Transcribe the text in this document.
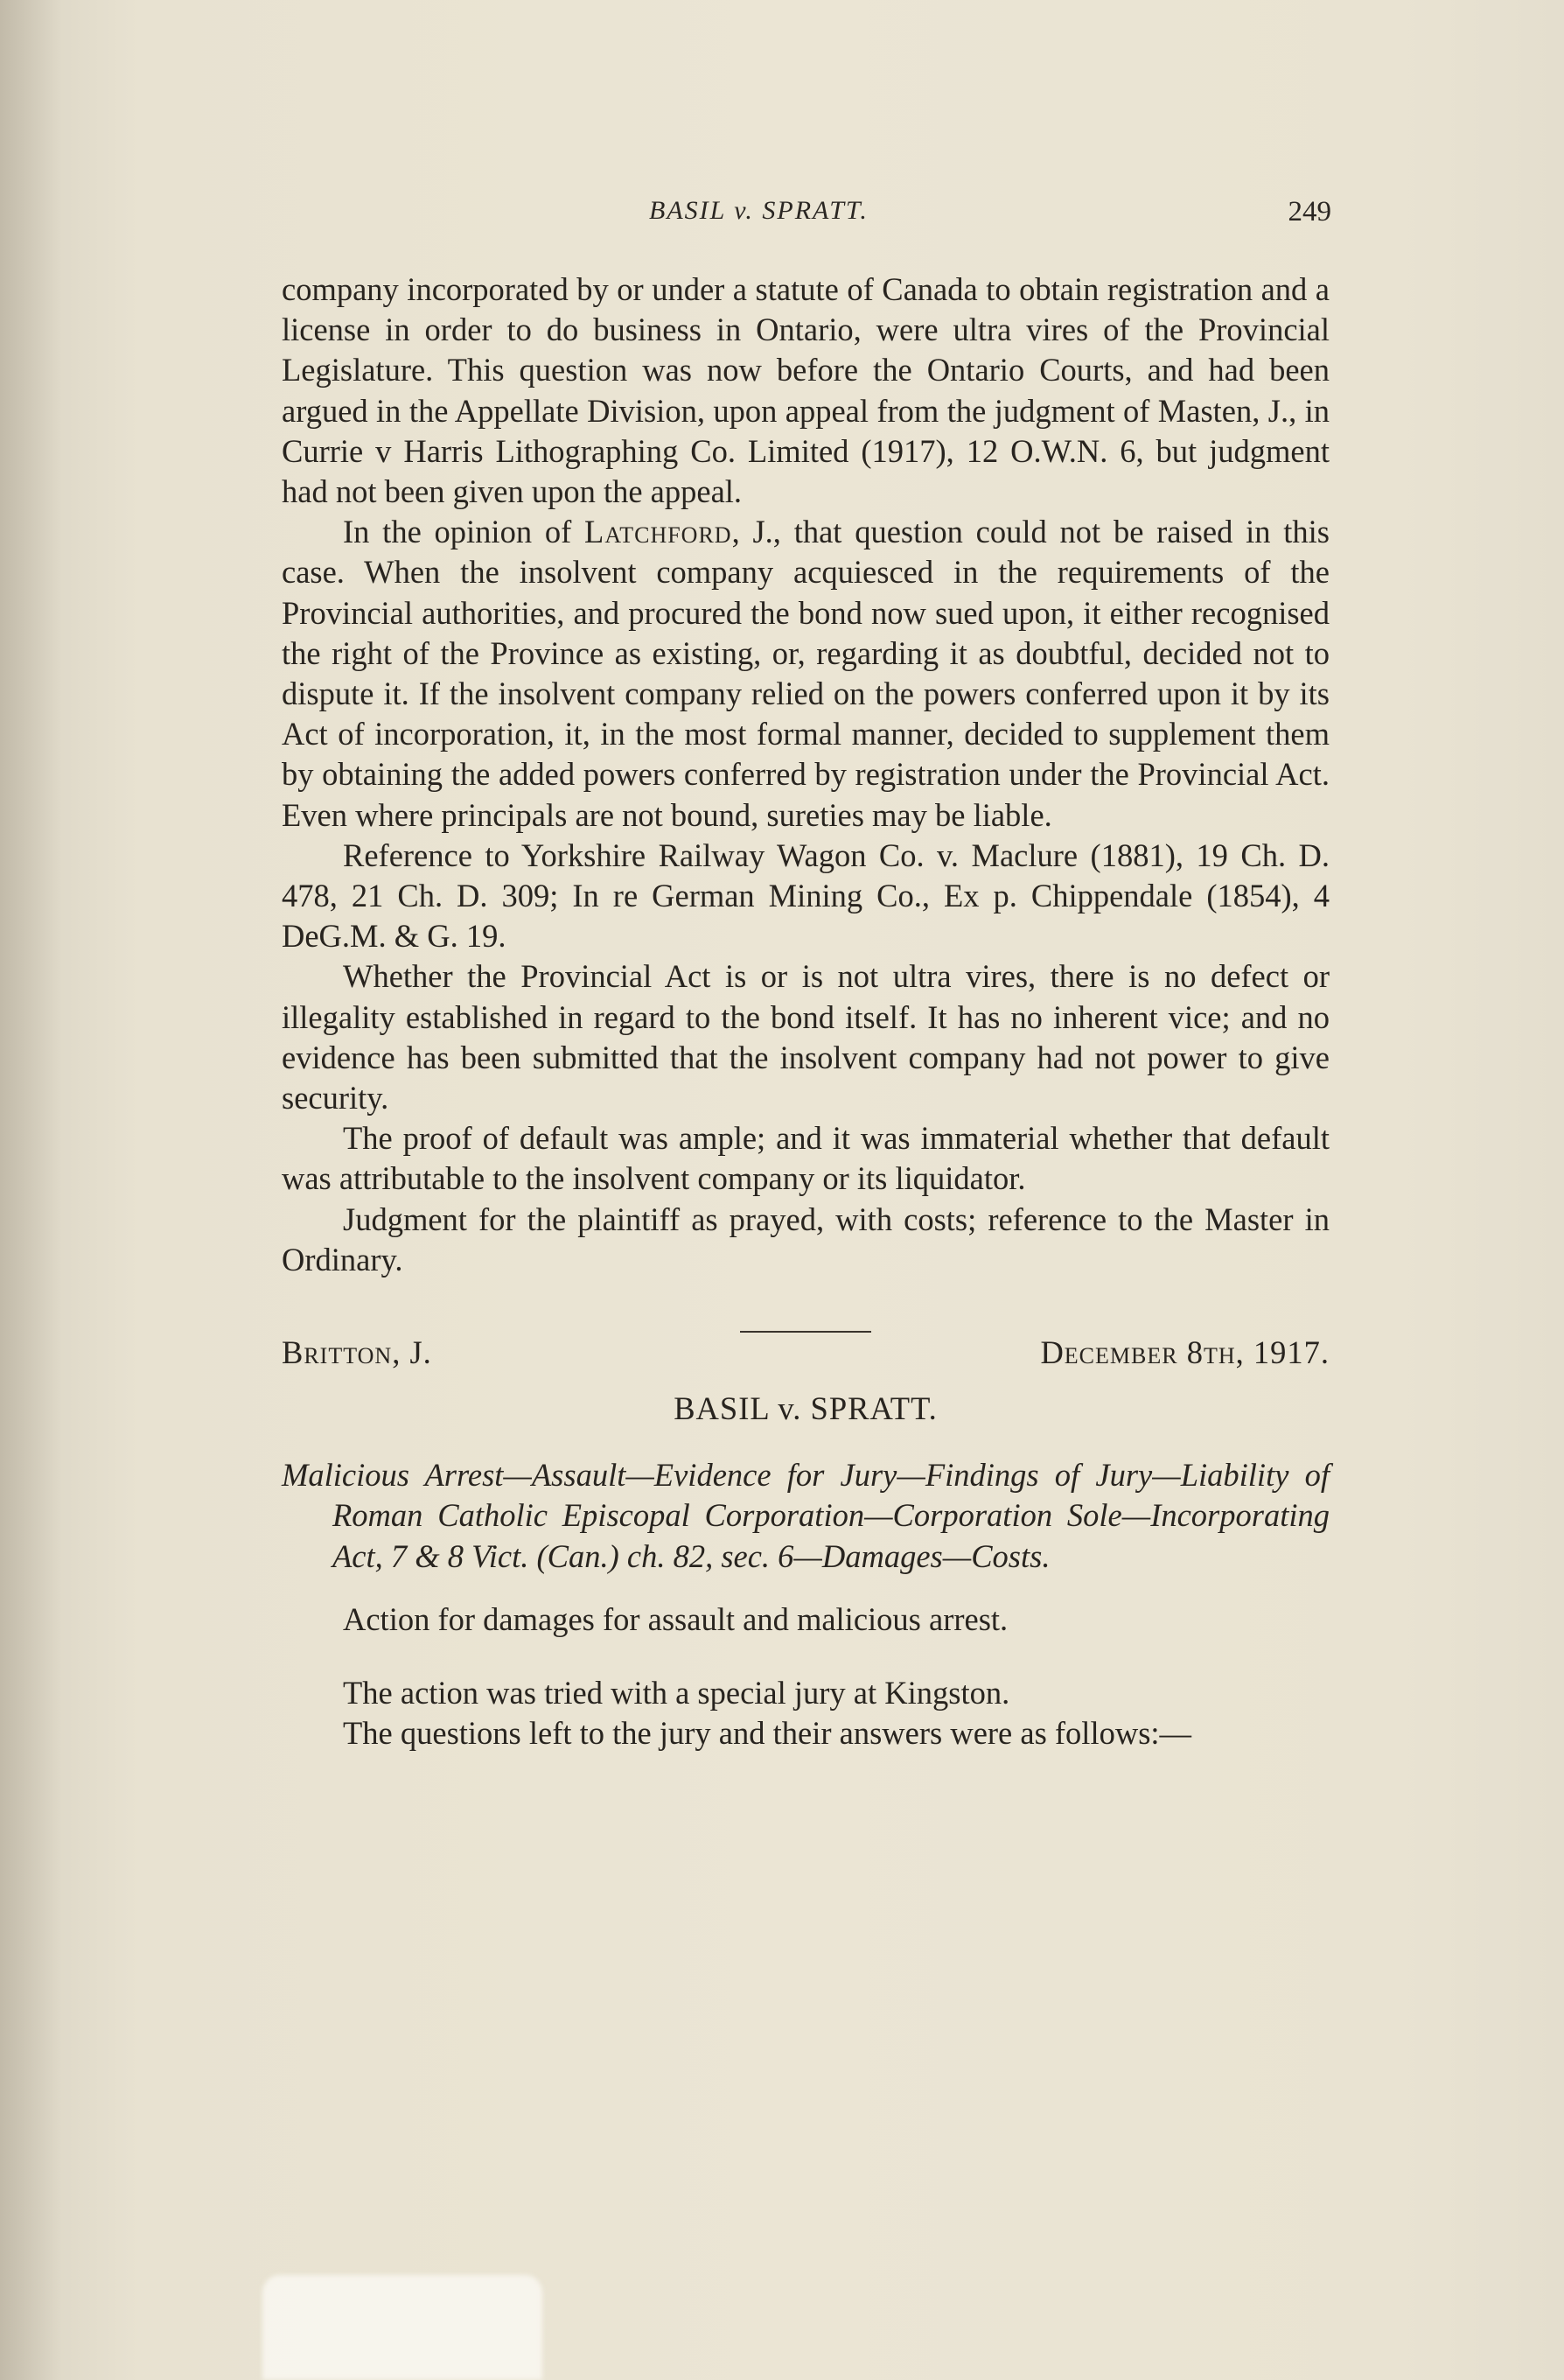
BASIL v. SPRATT.	249

company incorporated by or under a statute of Canada to obtain registration and a license in order to do business in Ontario, were ultra vires of the Provincial Legislature. This question was now before the Ontario Courts, and had been argued in the Appellate Division, upon appeal from the judgment of Masten, J., in Currie v Harris Lithographing Co. Limited (1917), 12 O.W.N. 6, but judgment had not been given upon the appeal.

In the opinion of Latchford, J., that question could not be raised in this case. When the insolvent company acquiesced in the requirements of the Provincial authorities, and procured the bond now sued upon, it either recognised the right of the Province as existing, or, regarding it as doubtful, decided not to dispute it. If the insolvent company relied on the powers conferred upon it by its Act of incorporation, it, in the most formal manner, decided to supplement them by obtaining the added powers conferred by registration under the Provincial Act. Even where principals are not bound, sureties may be liable.

Reference to Yorkshire Railway Wagon Co. v. Maclure (1881), 19 Ch. D. 478, 21 Ch. D. 309; In re German Mining Co., Ex p. Chippendale (1854), 4 DeG.M. & G. 19.

Whether the Provincial Act is or is not ultra vires, there is no defect or illegality established in regard to the bond itself. It has no inherent vice; and no evidence has been submitted that the insolvent company had not power to give security.

The proof of default was ample; and it was immaterial whether that default was attributable to the insolvent company or its liquidator.

Judgment for the plaintiff as prayed, with costs; reference to the Master in Ordinary.

Britton, J.	December 8th, 1917.

BASIL v. SPRATT.

Malicious Arrest—Assault—Evidence for Jury—Findings of Jury—Liability of Roman Catholic Episcopal Corporation—Corporation Sole—Incorporating Act, 7 & 8 Vict. (Can.) ch. 82, sec. 6—Damages—Costs.

Action for damages for assault and malicious arrest.

The action was tried with a special jury at Kingston.

The questions left to the jury and their answers were as follows:—
